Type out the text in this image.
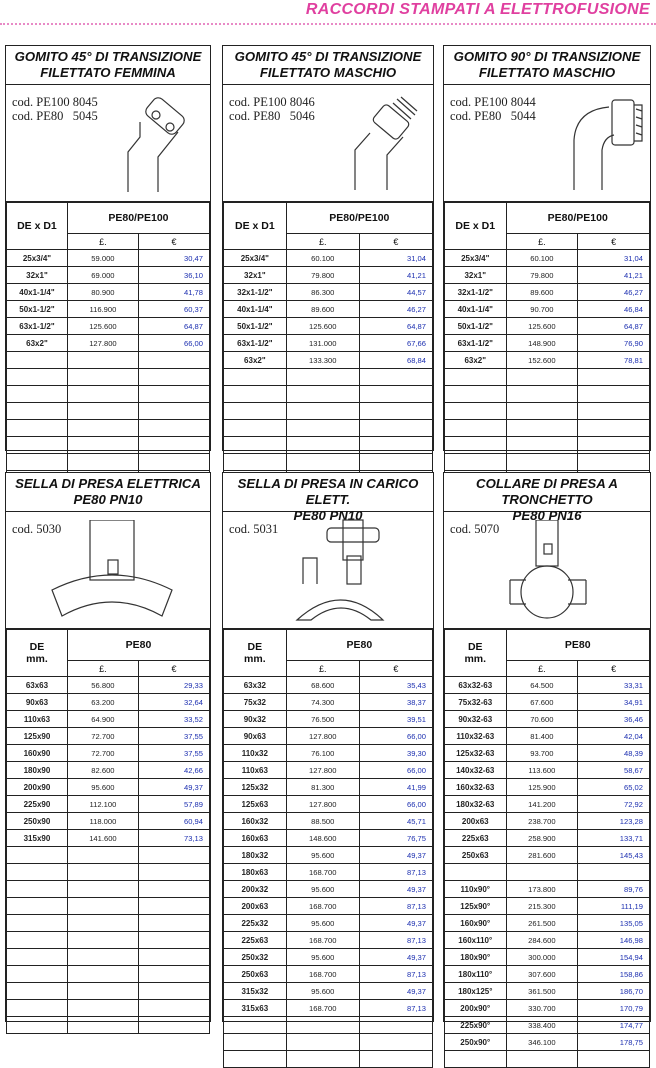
RACCORDI STAMPATI A ELETTROFUSIONE
GOMITO 45° DI TRANSIZIONE
FILETTATO FEMMINA
cod. PE100 8045
cod. PE80   5045
DE x D1	PE80/PE100	
	£.	€
25x3/4"	59.000	30,47
32x1"	69.000	36,10
40x1-1/4"	80.900	41,78
50x1-1/2"	116.900	60,37
63x1-1/2"	125.600	64,87
63x2"	127.800	66,00

GOMITO 45° DI TRANSIZIONE
FILETTATO MASCHIO
cod. PE100 8046
cod. PE80   5046
DE x D1	PE80/PE100	
	£.	€
25x3/4"	60.100	31,04
32x1"	79.800	41,21
32x1-1/2"	86.300	44,57
40x1-1/4"	89.600	46,27
50x1-1/2"	125.600	64,87
63x1-1/2"	131.000	67,66
63x2"	133.300	68,84

GOMITO 90° DI TRANSIZIONE
FILETTATO MASCHIO
cod. PE100 8044
cod. PE80   5044
DE x D1	PE80/PE100	
	£.	€
25x3/4"	60.100	31,04
32x1"	79.800	41,21
32x1-1/2"	89.600	46,27
40x1-1/4"	90.700	46,84
50x1-1/2"	125.600	64,87
63x1-1/2"	148.900	76,90
63x2"	152.600	78,81

SELLA DI PRESA ELETTRICA
PE80 PN10
cod. 5030
DE
mm.	PE80	
	£.	€
63x63	56.800	29,33
90x63	63.200	32,64
110x63	64.900	33,52
125x90	72.700	37,55
160x90	72.700	37,55
180x90	82.600	42,66
200x90	95.600	49,37
225x90	112.100	57,89
250x90	118.000	60,94
315x90	141.600	73,13

SELLA DI PRESA IN CARICO ELETT.
PE80 PN10
cod. 5031
DE
mm.	PE80	
	£.	€
63x32	68.600	35,43
75x32	74.300	38,37
90x32	76.500	39,51
90x63	127.800	66,00
110x32	76.100	39,30
110x63	127.800	66,00
125x32	81.300	41,99
125x63	127.800	66,00
160x32	88.500	45,71
160x63	148.600	76,75
180x32	95.600	49,37
180x63	168.700	87,13
200x32	95.600	49,37
200x63	168.700	87,13
225x32	95.600	49,37
225x63	168.700	87,13
250x32	95.600	49,37
250x63	168.700	87,13
315x32	95.600	49,37
315x63	168.700	87,13

COLLARE DI PRESA A TRONCHETTO
PE80 PN16
cod. 5070
DE
mm.	PE80	
	£.	€
63x32-63	64.500	33,31
75x32-63	67.600	34,91
90x32-63	70.600	36,46
110x32-63	81.400	42,04
125x32-63	93.700	48,39
140x32-63	113.600	58,67
160x32-63	125.900	65,02
180x32-63	141.200	72,92
200x63	238.700	123,28
225x63	258.900	133,71
250x63	281.600	145,43

110x90°	173.800	89,76
125x90°	215.300	111,19
160x90°	261.500	135,05
160x110°	284.600	146,98
180x90°	300.000	154,94
180x110°	307.600	158,86
180x125°	361.500	186,70
200x90°	330.700	170,79
225x90°	338.400	174,77
250x90°	346.100	178,75
